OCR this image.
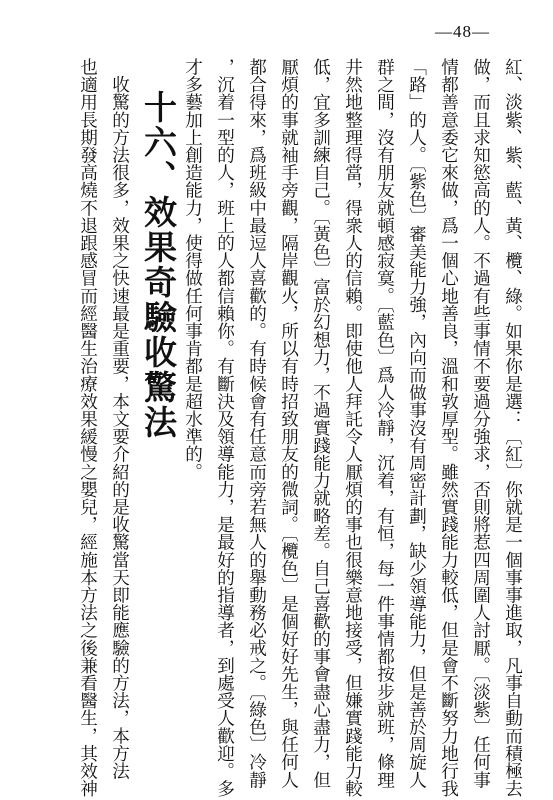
—48—
紅、淡紫、紫、藍、黃、欖、綠。如果你是選：〔紅〕你就是一個事事進取，凡事自動而積極去
做，而且求知慾高的人。不過有些事情不要過分強求，否則將惹四周圍人討厭。〔淡紫〕任何事
情都善意委它來做，爲一個心地善良，溫和敦厚型。雖然實踐能力較低，但是會不斷努力地行我
「路」的人。〔紫色〕審美能力強，內向而做事沒有周密計劃，缺少領導能力，但是善於周旋人
群之間，沒有朋友就頓感寂寞。〔藍色〕爲人冷靜，沉着，有恒，每一件事情都按步就班，條理
井然地整理得當，得衆人的信賴。即使他人拜託令人厭煩的事也很樂意地接受，但嫌實踐能力較
低，宜多訓練自己。〔黃色〕富於幻想力，不過實踐能力就略差。自己喜歡的事會盡心盡力，但
厭煩的事就袖手旁觀，隔岸觀火，所以有時招致朋友的微詞。〔欖色〕是個好好先生，與任何人
都合得來，爲班級中最逗人喜歡的。有時候會有任意而旁若無人的舉動務必戒之。〔綠色〕冷靜
，沉着一型的人，班上的人都信賴你。有斷決及領導能力，是最好的指導者，到處受人歡迎。多
才多藝加上創造能力，使得做任何事肯都是超水準的。
十六、效果奇驗收驚法
　收驚的方法很多，效果之快速最是重要，本文要介紹的是收驚當天即能應驗的方法，本方法
也適用長期發高燒不退跟感冒而經醫生治療效果緩慢之嬰兒，經施本方法之後兼看醫生，其效神
